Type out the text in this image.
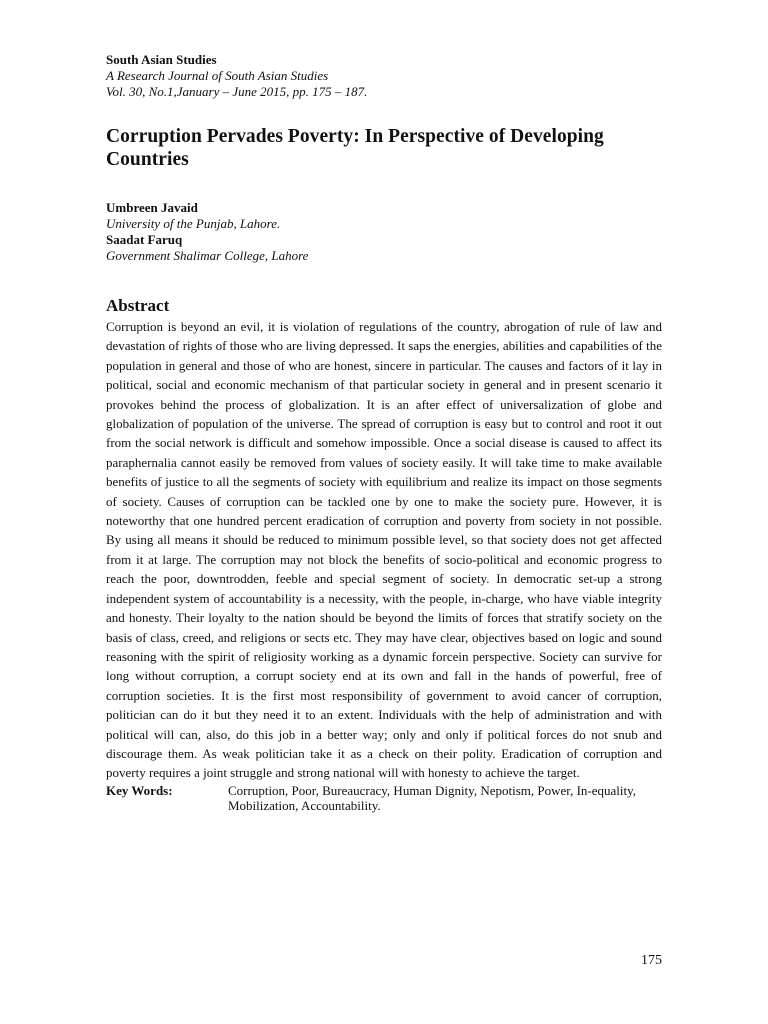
South Asian Studies

A Research Journal of South Asian Studies

Vol. 30, No.1,January – June 2015, pp. 175 – 187.

Corruption Pervades Poverty: In Perspective of Developing Countries

Umbreen Javaid

University of the Punjab, Lahore.

Saadat Faruq

Government Shalimar College, Lahore

Abstract

Corruption is beyond an evil, it is violation of regulations of the country, abrogation of rule of law and devastation of rights of those who are living depressed. It saps the energies, abilities and capabilities of the population in general and those of who are honest, sincere in particular. The causes and factors of it lay in political, social and economic mechanism of that particular society in general and in present scenario it provokes behind the process of globalization. It is an after effect of universalization of globe and globalization of population of the universe. The spread of corruption is easy but to control and root it out from the social network is difficult and somehow impossible. Once a social disease is caused to affect its paraphernalia cannot easily be removed from values of society easily. It will take time to make available benefits of justice to all the segments of society with equilibrium and realize its impact on those segments of society. Causes of corruption can be tackled one by one to make the society pure. However, it is noteworthy that one hundred percent eradication of corruption and poverty from society in not possible. By using all means it should be reduced to minimum possible level, so that society does not get affected from it at large. The corruption may not block the benefits of socio-political and economic progress to reach the poor, downtrodden, feeble and special segment of society. In democratic set-up a strong independent system of accountability is a necessity, with the people, in-charge, who have viable integrity and honesty. Their loyalty to the nation should be beyond the limits of forces that stratify society on the basis of class, creed, and religions or sects etc. They may have clear, objectives based on logic and sound reasoning with the spirit of religiosity working as a dynamic forcein perspective. Society can survive for long without corruption, a corrupt society end at its own and fall in the hands of powerful, free of corruption societies. It is the first most responsibility of government to avoid cancer of corruption, politician can do it but they need it to an extent. Individuals with the help of administration and with political will can, also, do this job in a better way; only and only if political forces do not snub and discourage them. As weak politician take it as a check on their polity. Eradication of corruption and poverty requires a joint struggle and strong national will with honesty to achieve the target.

Key Words:	Corruption, Poor, Bureaucracy, Human Dignity, Nepotism, Power, In-equality, Mobilization, Accountability.
175
